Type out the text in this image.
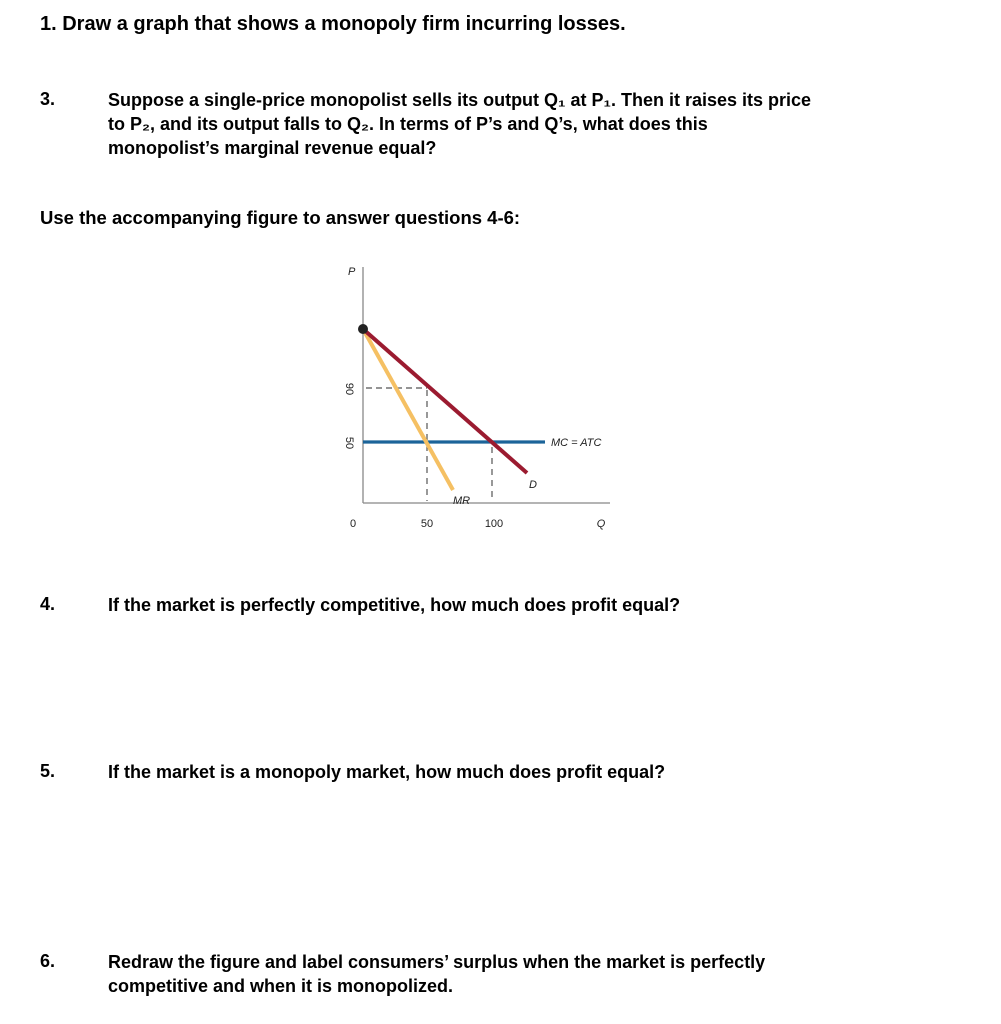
1. Draw a graph that shows a monopoly firm incurring losses.
3.	Suppose a single-price monopolist sells its output Q₁ at P₁. Then it raises its price
to P₂, and its output falls to Q₂. In terms of P’s and Q’s, what does this
monopolist’s marginal revenue equal?
Use the accompanying figure to answer questions 4-6:
P
90
50
0	50	100	Q
MC = ATC
D
MR
4.	If the market is perfectly competitive, how much does profit equal?
5.	If the market is a monopoly market, how much does profit equal?
6.	Redraw the figure and label consumers’ surplus when the market is perfectly
competitive and when it is monopolized.
